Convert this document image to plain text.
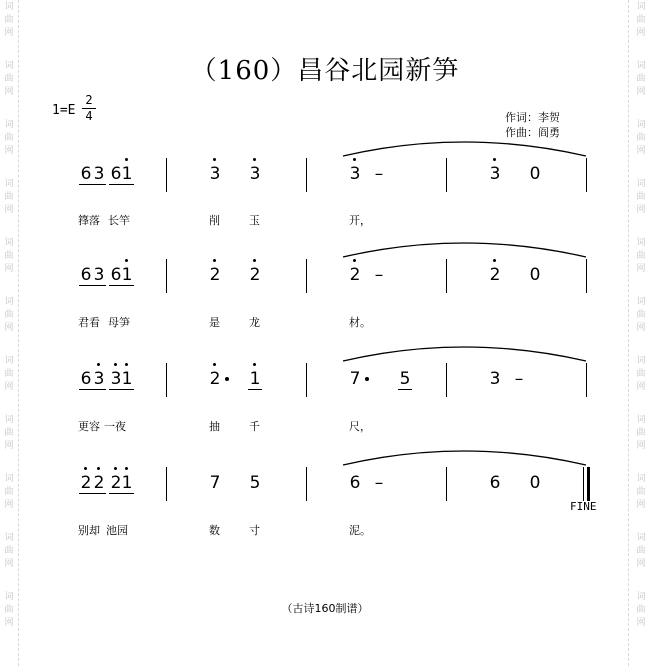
词
曲
网
词
曲
网
词
曲
网
词
曲
网
词
曲
网
词
曲
网
词
曲
网
词
曲
网
词
曲
网
词
曲
网
词
曲
网
词
曲
网
词
曲
网
词
曲
网
词
曲
网
词
曲
网
词
曲
网
词
曲
网
词
曲
网
词
曲
网
词
曲
网
词
曲
网
（160）昌谷北园新笋
1=E
2
4	作词：李贺
作曲：阎勇
6 3 6 1	3 3	3 –	3 0
箨落 长竿	削	玉	开，
6 3 6 1	2 2	2 –	2 0
君看 母笋	是	龙	材。
6 3 3 1	2 1	7 5	3 –
更容 一夜	抽	千	尺，
2 2 2 1	7 5	6 –	6 0
FINE
别却 池园	数	寸	泥。
（古诗160制谱）
